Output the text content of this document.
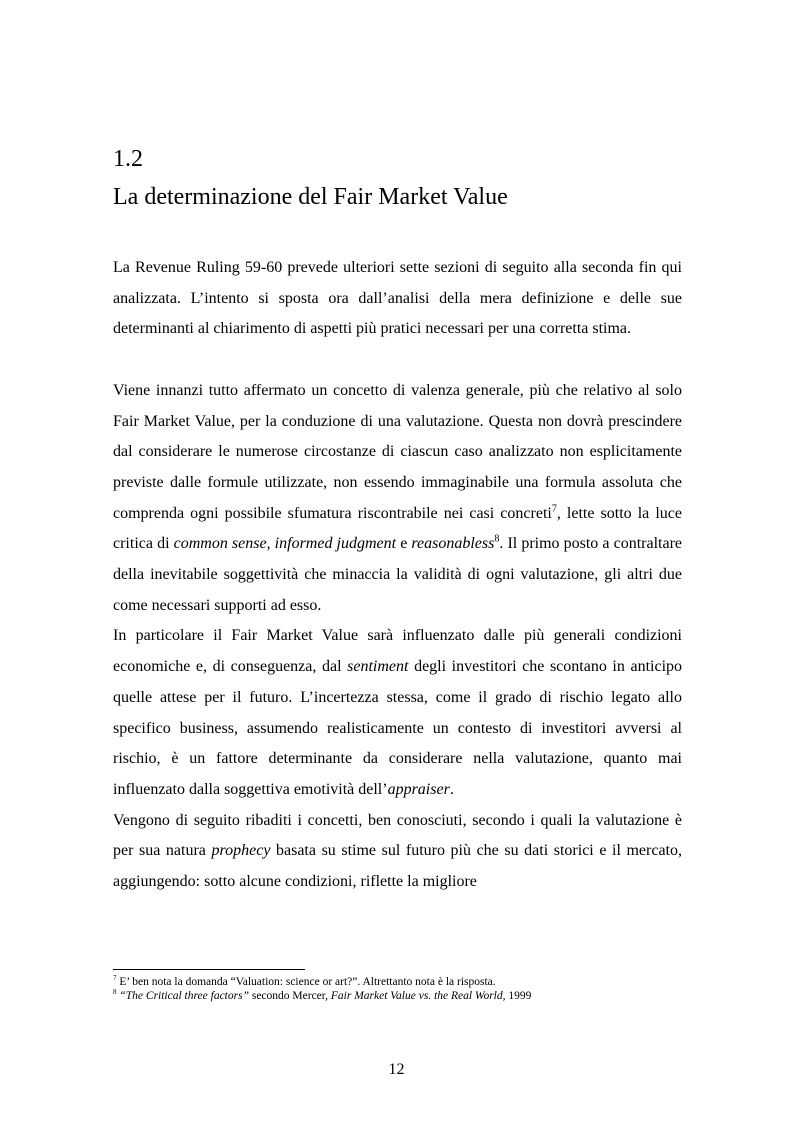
1.2
La determinazione del Fair Market Value

La Revenue Ruling 59-60 prevede ulteriori sette sezioni di seguito alla seconda fin qui analizzata. L’intento si sposta ora dall’analisi della mera definizione e delle sue determinanti al chiarimento di aspetti più pratici necessari per una corretta stima.

Viene innanzi tutto affermato un concetto di valenza generale, più che relativo al solo Fair Market Value, per la conduzione di una valutazione. Questa non dovrà prescindere dal considerare le numerose circostanze di ciascun caso analizzato non esplicitamente previste dalle formule utilizzate, non essendo immaginabile una formula assoluta che comprenda ogni possibile sfumatura riscontrabile nei casi concreti$^7$, lette sotto la luce critica di common sense, informed judgment e reasonabless$^8$. Il primo posto a contraltare della inevitabile soggettività che minaccia la validità di ogni valutazione, gli altri due come necessari supporti ad esso.

In particolare il Fair Market Value sarà influenzato dalle più generali condizioni economiche e, di conseguenza, dal sentiment degli investitori che scontano in anticipo quelle attese per il futuro. L’incertezza stessa, come il grado di rischio legato allo specifico business, assumendo realisticamente un contesto di investitori avversi al rischio, è un fattore determinante da considerare nella valutazione, quanto mai influenzato dalla soggettiva emotività dell’appraiser.

Vengono di seguito ribaditi i concetti, ben conosciuti, secondo i quali la valutazione è per sua natura prophecy basata su stime sul futuro più che su dati storici e il mercato, aggiungendo: sotto alcune condizioni, riflette la migliore

$^7$ E’ ben nota la domanda “Valuation: science or art?”. Altrettanto nota è la risposta.

$^8$ “The Critical three factors” secondo Mercer, Fair Market Value vs. the Real World, 1999

12
